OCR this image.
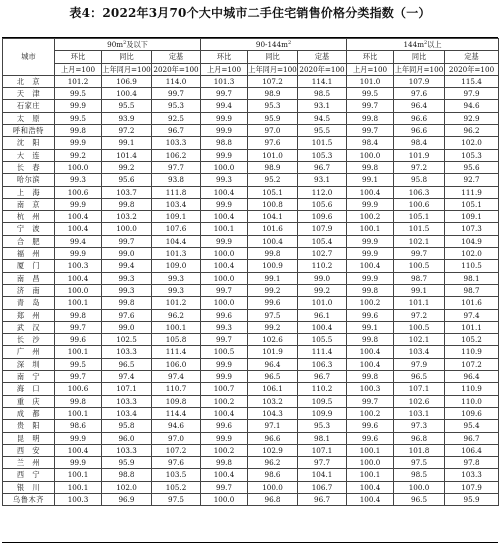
表4：2022年3月70个大中城市二手住宅销售价格分类指数（一）
城市	$90m^2$及以下			$90-144m^2$			$144m^2$以上		
	环比	同比	定基	环比	同比	定基	环比	同比	定基
	上月=100	上年同月=100	2020年=100	上月=100	上年同月=100	2020年=100	上月=100	上年同月=100	2020年=100
北　京	101.2	106.9	114.0	101.3	107.2	114.1	101.0	107.9	115.4
天　津	99.5	100.4	99.7	99.7	98.9	98.5	99.5	97.6	97.9
石家庄	99.9	95.5	95.3	99.4	95.3	93.1	99.7	96.4	94.6
太　原	99.5	93.9	92.5	99.9	95.9	94.5	99.8	96.6	92.9
呼和浩特	99.8	97.2	96.7	99.9	97.0	95.5	99.7	96.6	96.2
沈　阳	99.9	99.1	103.3	98.8	97.6	101.5	98.4	98.4	102.0
大　连	99.2	101.4	106.2	99.9	101.0	105.3	100.0	101.9	105.3
长　春	100.0	99.2	97.7	100.0	98.9	96.7	99.8	97.2	95.6
哈尔滨	99.3	95.6	93.8	99.3	95.2	93.1	99.1	95.8	92.7
上　海	100.6	103.7	111.8	100.4	105.1	112.0	100.4	106.3	111.9
南　京	99.9	99.8	103.4	99.9	100.8	105.6	99.9	100.6	105.1
杭　州	100.4	103.2	109.1	100.4	104.1	109.6	100.2	105.1	109.1
宁　波	100.4	100.0	107.6	100.1	101.6	107.9	100.1	101.5	107.3
合　肥	99.4	99.7	104.4	99.9	100.4	105.4	99.9	102.1	104.9
福　州	99.9	99.0	101.3	100.0	99.8	102.7	99.9	99.7	102.0
厦　门	100.3	99.4	109.0	100.4	100.9	110.2	100.4	100.5	110.5
南　昌	100.4	99.3	99.3	100.0	99.1	99.0	99.9	98.7	98.1
济　南	100.0	99.3	99.3	99.7	99.2	99.2	99.8	99.1	98.7
青　岛	100.1	99.8	101.2	100.0	99.6	101.0	100.2	101.1	101.6
郑　州	99.8	97.6	96.2	99.6	97.5	96.1	99.6	97.2	97.4
武　汉	99.7	99.0	100.1	99.3	99.2	100.4	99.1	100.5	101.1
长　沙	99.6	102.5	105.8	99.7	102.6	105.5	99.8	102.1	105.2
广　州	100.1	103.3	111.4	100.5	101.9	111.4	100.4	103.4	110.9
深　圳	99.5	96.5	106.0	99.9	96.4	106.3	100.4	97.9	107.2
南　宁	99.7	97.4	97.4	99.9	96.5	96.7	99.8	96.5	96.4
海　口	100.6	107.1	110.7	100.7	106.1	110.2	100.3	107.1	110.9
重　庆	99.8	103.3	109.8	100.2	103.2	109.5	99.7	102.6	110.0
成　都	100.1	103.4	114.4	100.4	104.3	109.9	100.2	103.1	109.6
贵　阳	98.6	95.8	94.6	99.6	97.1	95.3	99.6	97.3	95.4
昆　明	99.9	96.0	97.0	99.9	96.6	98.1	99.6	96.8	96.7
西　安	100.4	103.3	107.2	100.2	102.9	107.1	100.1	101.8	106.4
兰　州	99.9	95.9	97.6	99.8	96.2	97.7	100.0	97.5	97.8
西　宁	100.1	98.8	103.5	100.4	98.6	104.1	100.1	98.5	103.3
银　川	100.1	102.0	105.2	99.7	100.0	106.7	100.4	100.0	107.9
乌鲁木齐	100.3	96.9	97.5	100.0	96.8	96.7	100.4	96.5	95.9
